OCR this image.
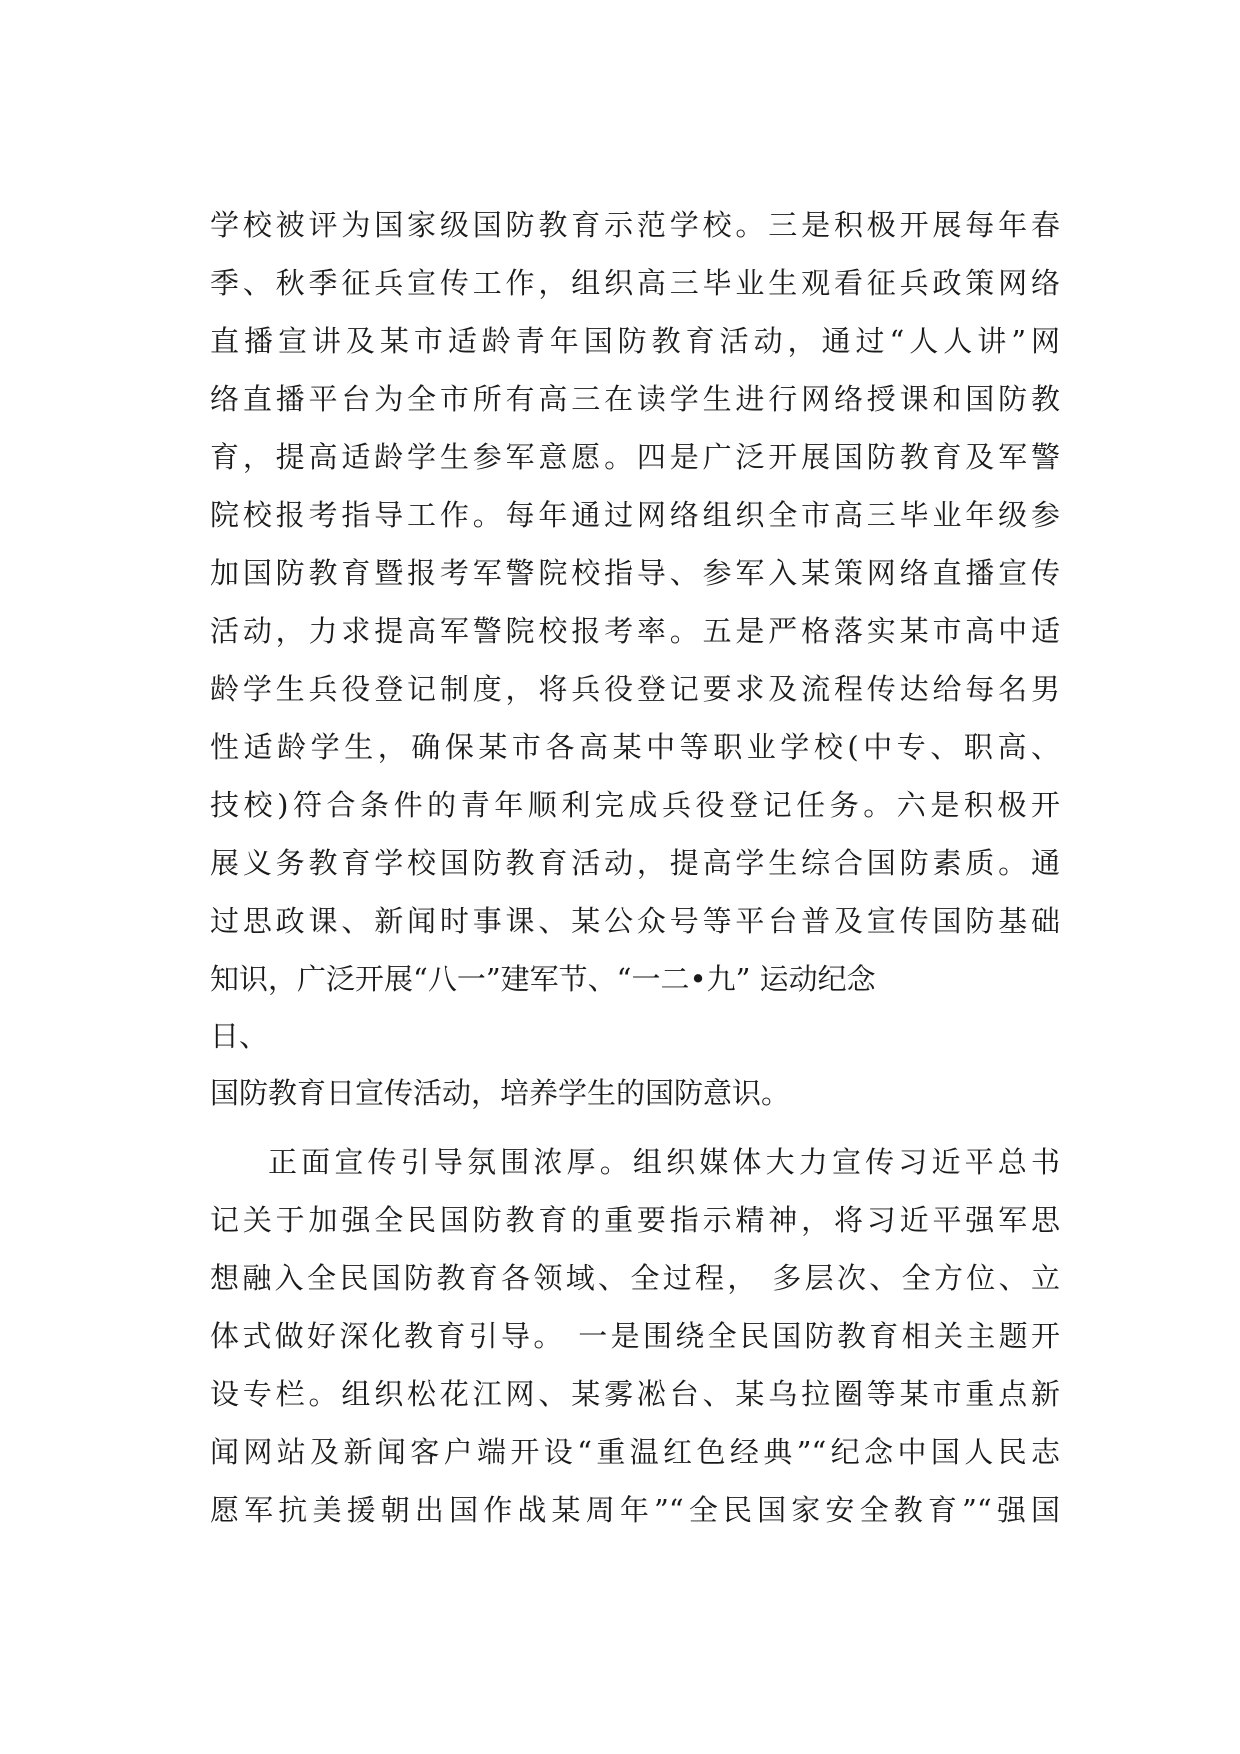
学校被评为国家级国防教育示范学校。三是积极开展每年春
季、秋季征兵宣传工作，组织高三毕业生观看征兵政策网络
直播宣讲及某市适龄青年国防教育活动，通过“人人讲”网
络直播平台为全市所有高三在读学生进行网络授课和国防教
育，提高适龄学生参军意愿。四是广泛开展国防教育及军警
院校报考指导工作。每年通过网络组织全市高三毕业年级参
加国防教育暨报考军警院校指导、参军入某策网络直播宣传
活动，力求提高军警院校报考率。五是严格落实某市高中适
龄学生兵役登记制度，将兵役登记要求及流程传达给每名男
性适龄学生，确保某市各高某中等职业学校(中专、职高、
技校)符合条件的青年顺利完成兵役登记任务。六是积极开
展义务教育学校国防教育活动，提高学生综合国防素质。通
过思政课、新闻时事课、某公众号等平台普及宣传国防基础
知识，广泛开展“八一”建军节、“一二•九” 运动纪念
日、
国防教育日宣传活动，培养学生的国防意识。
正面宣传引导氛围浓厚。组织媒体大力宣传习近平总书
记关于加强全民国防教育的重要指示精神，将习近平强军思
想融入全民国防教育各领域、全过程， 多层次、全方位、立
体式做好深化教育引导。 一是围绕全民国防教育相关主题开
设专栏。组织松花江网、某雾凇台、某乌拉圈等某市重点新
闻网站及新闻客户端开设“重温红色经典”“纪念中国人民志
愿军抗美援朝出国作战某周年”“全民国家安全教育”“强国
